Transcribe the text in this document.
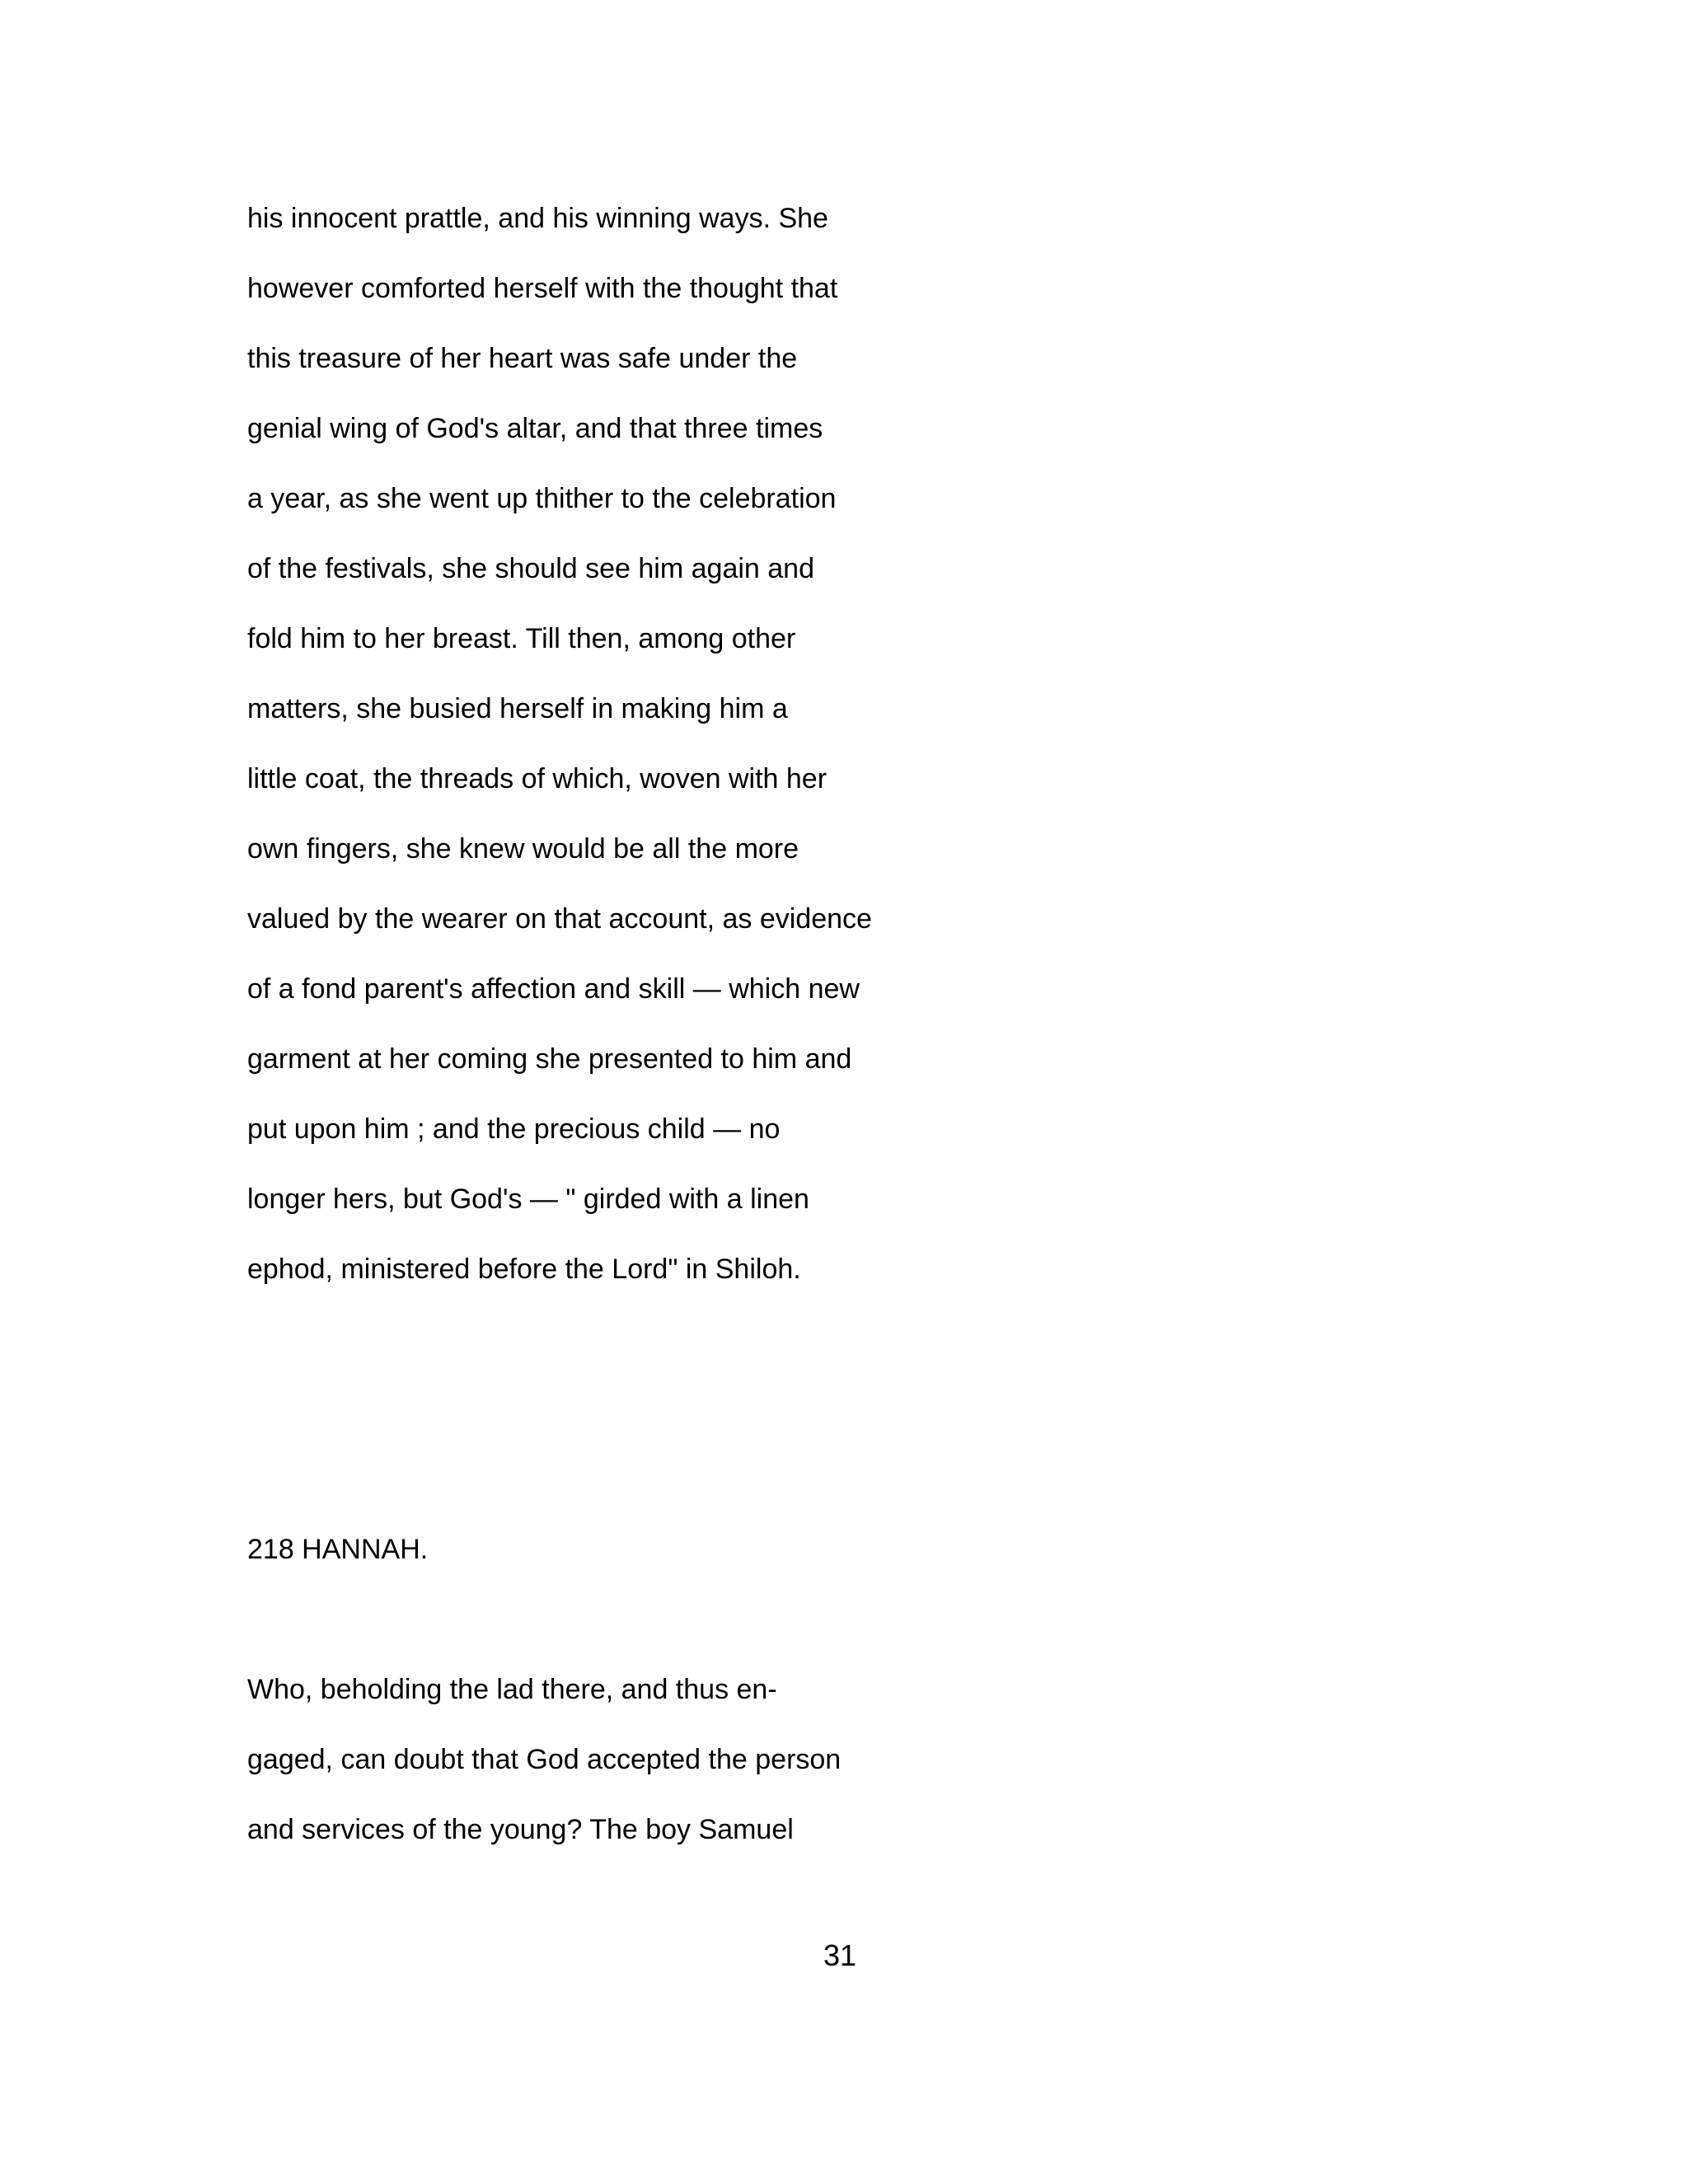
his innocent prattle, and his winning ways. She
however comforted herself with the thought that
this treasure of her heart was safe under the
genial wing of God's altar, and that three times
a year, as she went up thither to the celebration
of the festivals, she should see him again and
fold him to her breast. Till then, among other
matters, she busied herself in making him a
little coat, the threads of which, woven with her
own fingers, she knew would be all the more
valued by the wearer on that account, as evidence
of a fond parent's affection and skill — which new
garment at her coming she presented to him and
put upon him ; and the precious child — no
longer hers, but God's — " girded with a linen
ephod, ministered before the Lord" in Shiloh.
218 HANNAH.
Who, beholding the lad there, and thus en-
gaged, can doubt that God accepted the person
and services of the young? The boy Samuel
31
